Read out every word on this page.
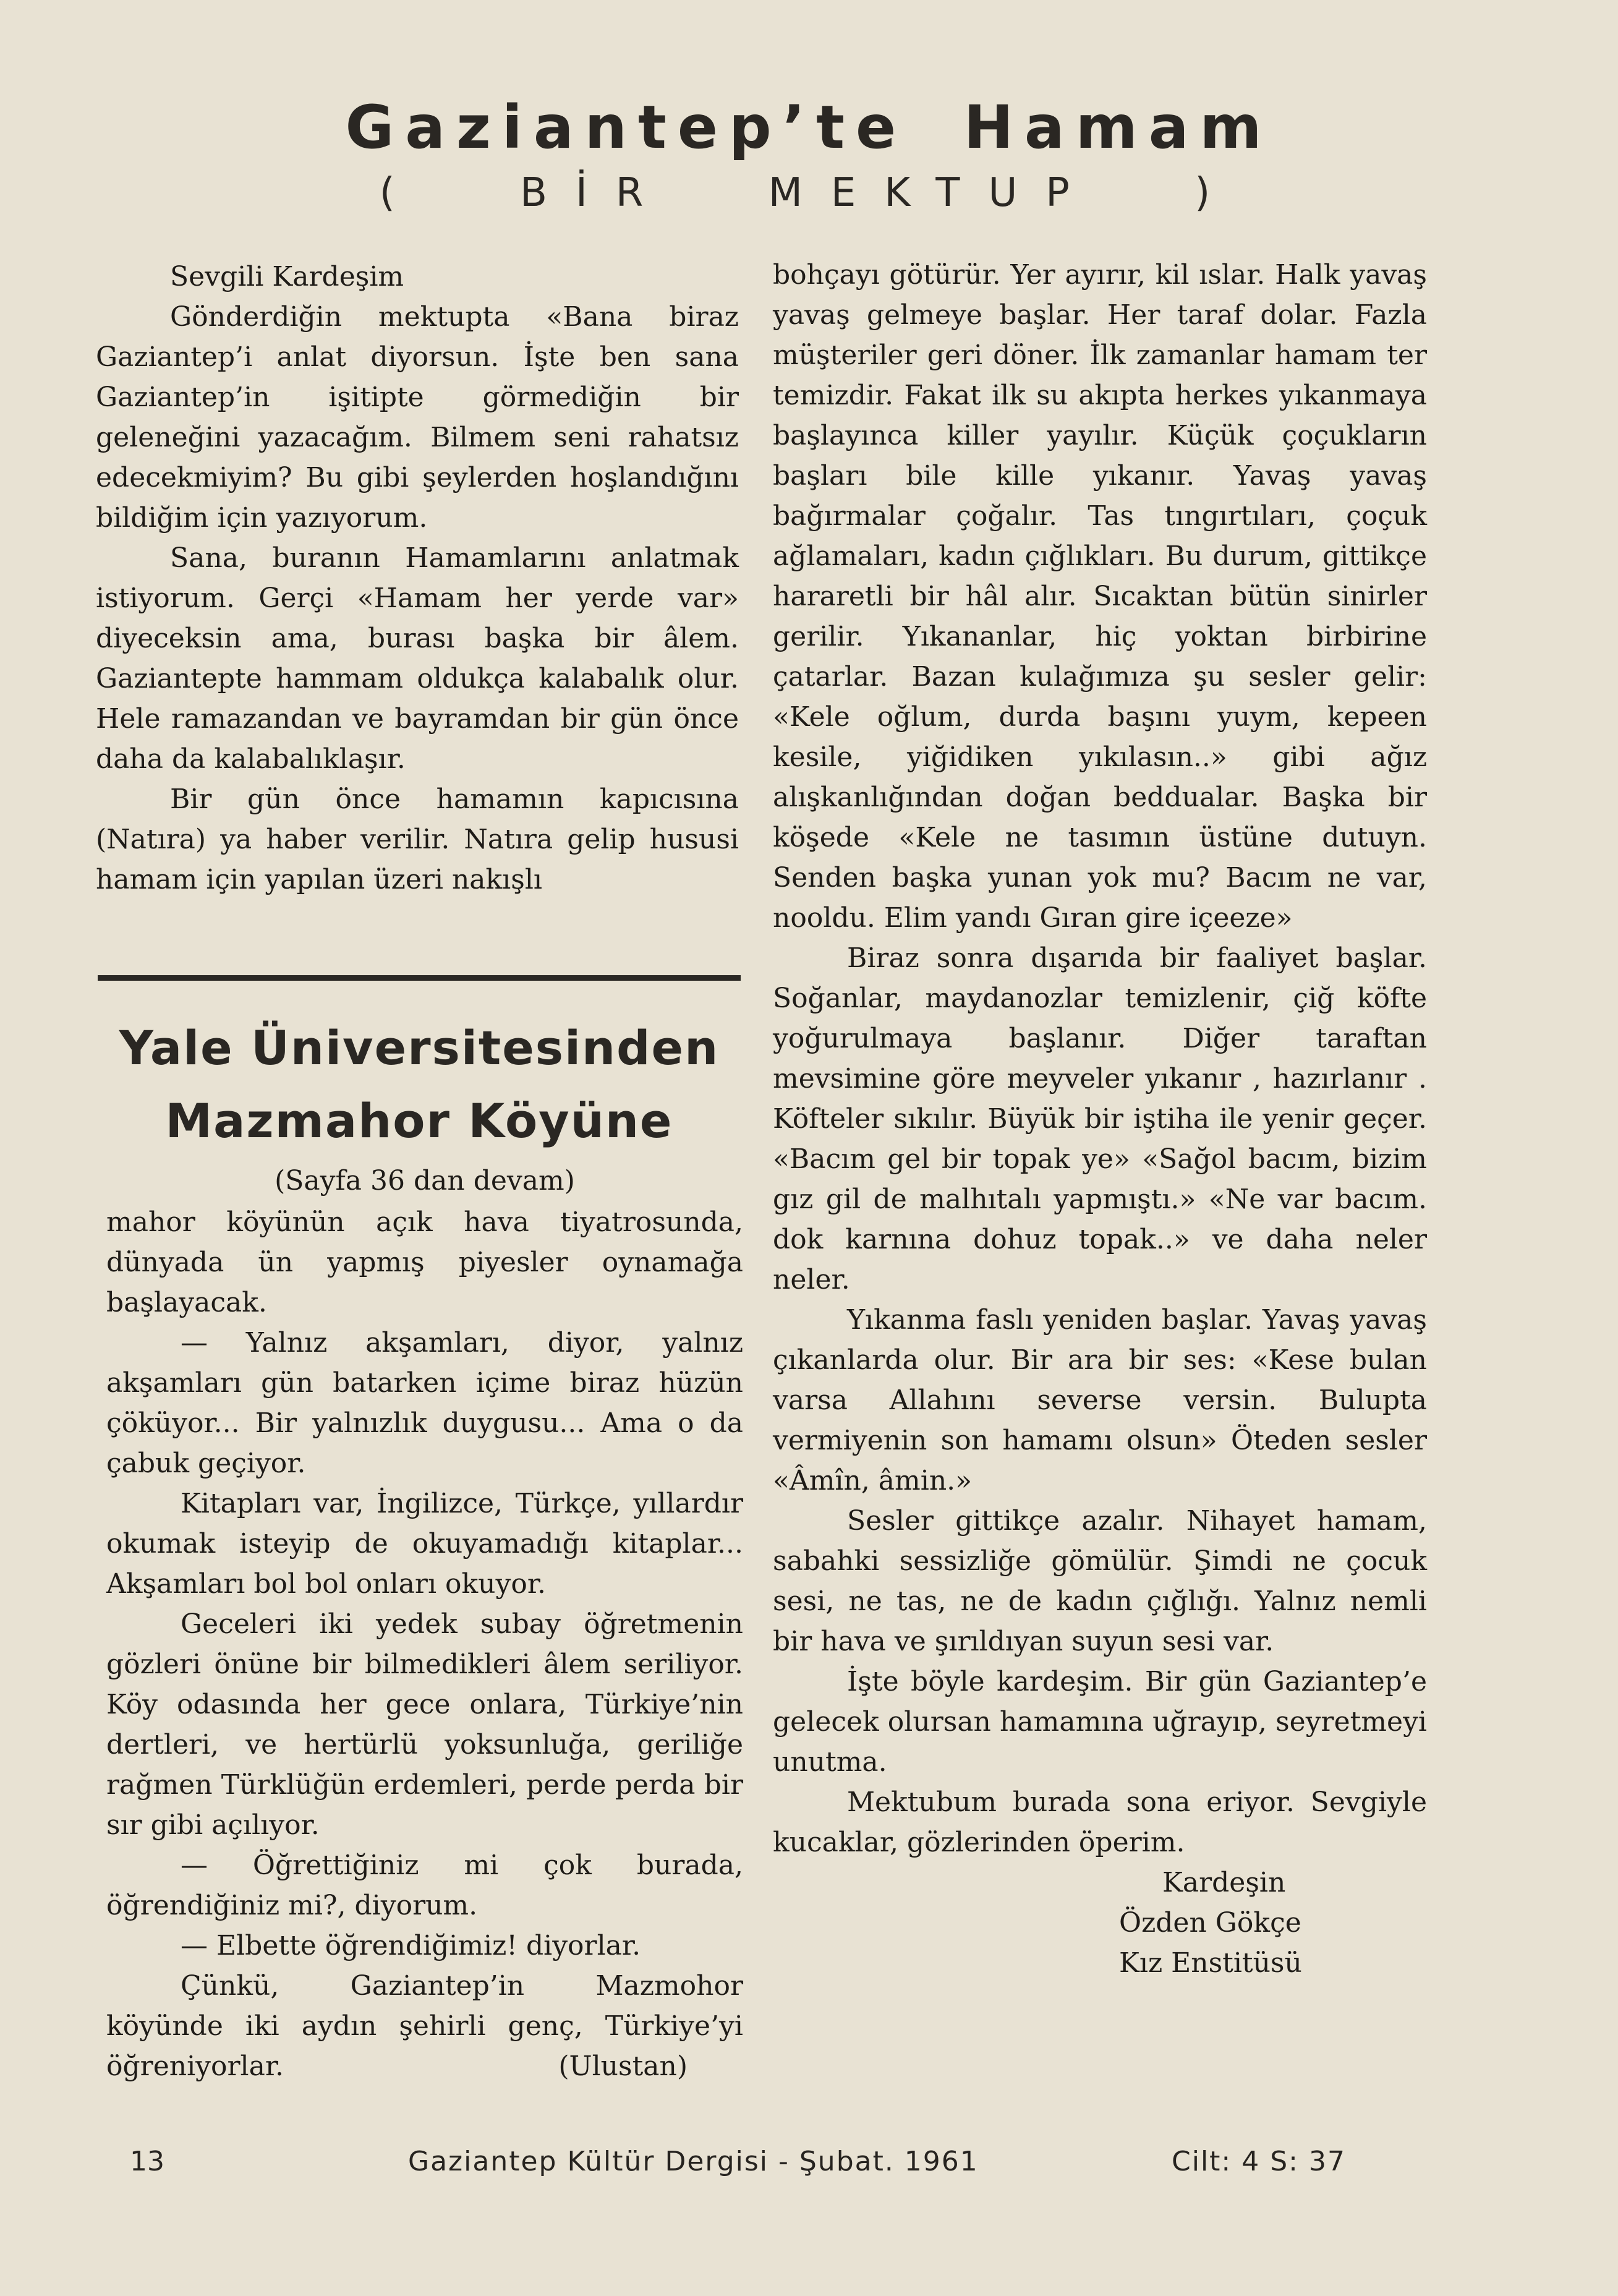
Gaziantep’te Hamam
( BİR MEKTUP )

Sevgili Kardeşim

Gönderdiğin mektupta «Bana biraz Gaziantep’i anlat diyorsun. İşte ben sana Gaziantep’in işitipte görmediğin bir geleneğini yazacağım. Bilmem seni rahatsız edecekmiyim? Bu gibi şeylerden hoşlandığını bildiğim için yazıyorum.

Sana, buranın Hamamlarını anlatmak istiyorum. Gerçi «Hamam her yerde var» diyeceksin ama, burası başka bir âlem. Gaziantepte hammam oldukça kalabalık olur. Hele ramazandan ve bayramdan bir gün önce daha da kalabalıklaşır.

Bir gün önce hamamın kapıcısına (Natıra) ya haber verilir. Natıra gelip hususi hamam için yapılan üzeri nakışlı

Yale Üniversitesinden
Mazmahor Köyüne

(Sayfa 36 dan devam)

mahor köyünün açık hava tiyatrosunda, dünyada ün yapmış piyesler oynamağa başlayacak.

— Yalnız akşamları, diyor, yalnız akşamları gün batarken içime biraz hüzün çöküyor... Bir yalnızlık duygusu... Ama o da çabuk geçiyor.

Kitapları var, İngilizce, Türkçe, yıllardır okumak isteyip de okuyamadığı kitaplar... Akşamları bol bol onları okuyor.

Geceleri iki yedek subay öğretmenin gözleri önüne bir bilmedikleri âlem seriliyor. Köy odasında her gece onlara, Türkiye’nin dertleri, ve hertürlü yoksunluğa, geriliğe rağmen Türklüğün erdemleri, perde perda bir sır gibi açılıyor.

— Öğrettiğiniz mi çok burada, öğrendiğiniz mi?, diyorum.

— Elbette öğrendiğimiz! diyorlar.

Çünkü, Gaziantep’in Mazmohor köyünde iki aydın şehirli genç, Türkiye’yi öğreniyorlar.	(Ulustan)

bohçayı götürür. Yer ayırır, kil ıslar. Halk yavaş yavaş gelmeye başlar. Her taraf dolar. Fazla müşteriler geri döner. İlk zamanlar hamam ter temizdir. Fakat ilk su akıpta herkes yıkanmaya başlayınca killer yayılır. Küçük çoçukların başları bile kille yıkanır. Yavaş yavaş bağırmalar çoğalır. Tas tıngırtıları, çoçuk ağlamaları, kadın çığlıkları. Bu durum, gittikçe hararetli bir hâl alır. Sıcaktan bütün sinirler gerilir. Yıkananlar, hiç yoktan birbirine çatarlar. Bazan kulağımıza şu sesler gelir: «Kele oğlum, durda başını yuym, kepeen kesile, yiğidiken yıkılasın..» gibi ağız alışkanlığından doğan beddualar. Başka bir köşede «Kele ne tasımın üstüne dutuyn. Senden başka yunan yok mu? Bacım ne var, nooldu. Elim yandı Gıran gire içeeze»

Biraz sonra dışarıda bir faaliyet başlar. Soğanlar, maydanozlar temizlenir, çiğ köfte yoğurulmaya başlanır. Diğer taraftan mevsimine göre meyveler yıkanır , hazırlanır . Köfteler sıkılır. Büyük bir iştiha ile yenir geçer. «Bacım gel bir topak ye» «Sağol bacım, bizim gız gil de malhıtalı yapmıştı.» «Ne var bacım. dok karnına dohuz topak..» ve daha neler neler.

Yıkanma faslı yeniden başlar. Yavaş yavaş çıkanlarda olur. Bir ara bir ses: «Kese bulan varsa Allahını severse versin. Bulupta vermiyenin son hamamı olsun» Öteden sesler «Âmîn, âmin.»

Sesler gittikçe azalır. Nihayet hamam, sabahki sessizliğe gömülür. Şimdi ne çocuk sesi, ne tas, ne de kadın çığlığı. Yalnız nemli bir hava ve şırıldıyan suyun sesi var.

İşte böyle kardeşim. Bir gün Gaziantep’e gelecek olursan hamamına uğrayıp, seyretmeyi unutma.

Mektubum burada sona eriyor. Sevgiyle kucaklar, gözlerinden öperim.

Kardeşin
Özden Gökçe
Kız Enstitüsü
13	Gaziantep Kültür Dergisi - Şubat. 1961	Cilt: 4 S: 37
